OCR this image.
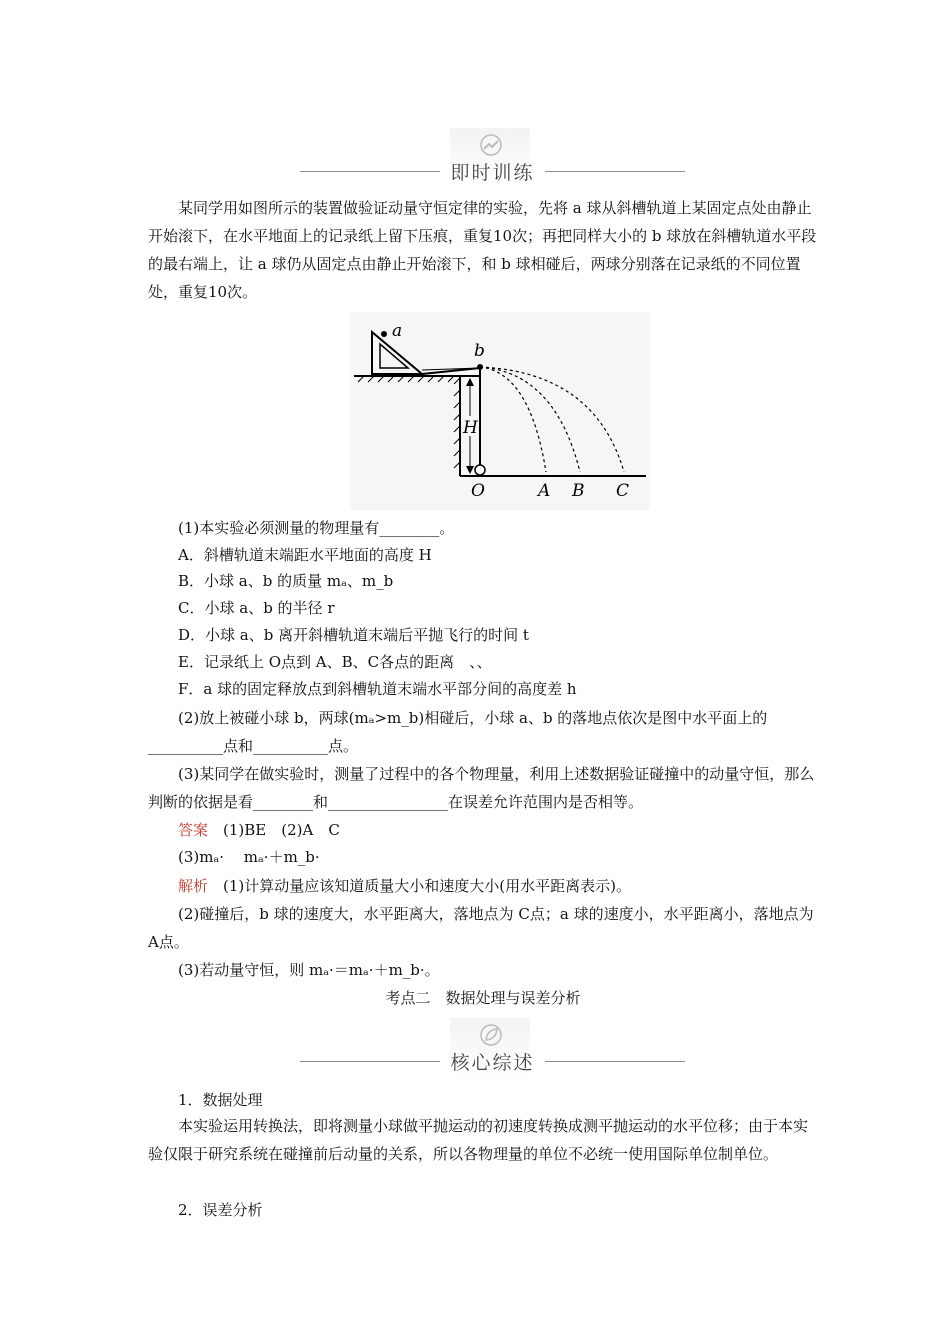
即时训练

某同学用如图所示的装置做验证动量守恒定律的实验，先将 a 球从斜槽轨道上某固定点处由静止开始滚下，在水平地面上的记录纸上留下压痕，重复10次；再把同样大小的 b 球放在斜槽轨道水平段的最右端上，让 a 球仍从固定点由静止开始滚下，和 b 球相碰后，两球分别落在记录纸的不同位置处，重复10次。

a
b
H
O	A B C

(1)本实验必须测量的物理量有________。

A．斜槽轨道末端距水平地面的高度 H

B．小球 a、b 的质量 mₐ、m_b

C．小球 a、b 的半径 r

D．小球 a、b 离开斜槽轨道末端后平抛飞行的时间 t

E．记录纸上 O点到 A、B、C各点的距离　、、

F．a 球的固定释放点到斜槽轨道末端水平部分间的高度差 h

(2)放上被碰小球 b，两球(mₐ>m_b)相碰后，小球 a、b 的落地点依次是图中水平面上的__________点和__________点。

(3)某同学在做实验时，测量了过程中的各个物理量，利用上述数据验证碰撞中的动量守恒，那么判断的依据是看________和________________在误差允许范围内是否相等。

答案　 (1)BE　(2)A　C

(3)mₐ·　 mₐ·＋m_b·

解析　 (1)计算动量应该知道质量大小和速度大小(用水平距离表示)。

(2)碰撞后，b 球的速度大，水平距离大，落地点为 C点；a 球的速度小，水平距离小，落地点为 A点。

(3)若动量守恒，则 mₐ·＝mₐ·＋m_b·。

考点二　数据处理与误差分析

核心综述

1．数据处理

本实验运用转换法，即将测量小球做平抛运动的初速度转换成测平抛运动的水平位移；由于本实验仅限于研究系统在碰撞前后动量的关系，所以各物理量的单位不必统一使用国际单位制单位。

2．误差分析
